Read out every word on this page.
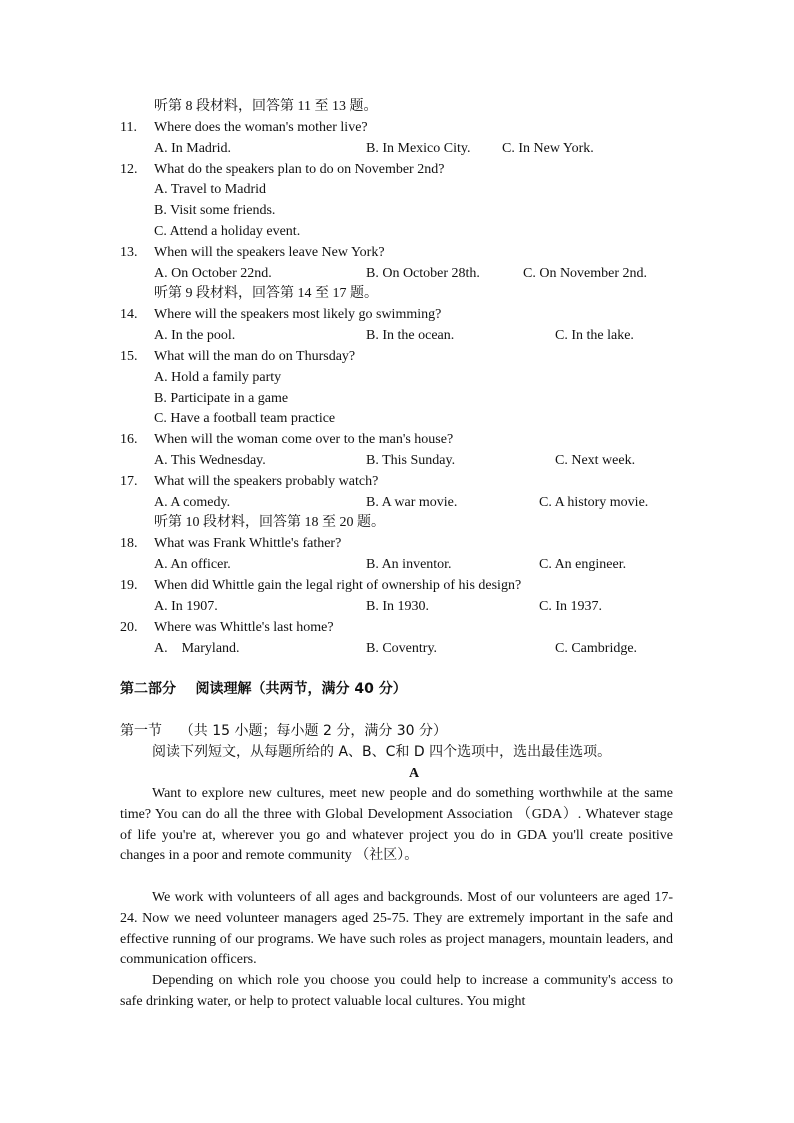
听第 8 段材料，回答第 11 至 13 题。
11. Where does the woman's mother live?
A. In Madrid.	B. In Mexico City. C. In New York.
12. What do the speakers plan to do on November 2nd?
A. Travel to Madrid
B. Visit some friends.
C. Attend a holiday event.
13. When will the speakers leave New York?
A. On October 22nd.	B. On October 28th.	C. On November 2nd.
听第 9 段材料，回答第 14 至 17 题。
14. Where will the speakers most likely go swimming?
A. In the pool.	B. In the ocean.	C. In the lake.
15. What will the man do on Thursday?
A. Hold a family party
B. Participate in a game
C. Have a football team practice
16. When will the woman come over to the man's house?
A. This Wednesday.	B. This Sunday.	C. Next week.
17. What will the speakers probably watch?
A. A comedy.	B. A war movie.	C. A history movie.
听第 10 段材料，回答第 18 至 20 题。
18. What was Frank Whittle's father?
A. An officer.	B. An inventor.	C. An engineer.
19. When did Whittle gain the legal right of ownership of his design?
A. In 1907.	B. In 1930.	C. In 1937.
20. Where was Whittle's last home?
A.    Maryland.	B. Coventry.	C. Cambridge.
第二部分    阅读理解（共两节，满分 40 分）
第一节    （共 15 小题；每小题 2 分，满分 30 分）
阅读下列短文，从每题所给的 A、B、C和 D 四个选项中，选出最佳选项。
A

Want to explore new cultures, meet new people and do something worthwhile at the same time? You can do all the three with Global Development Association （GDA）. Whatever stage of life you're at, wherever you go and whatever project you do in GDA you'll create positive changes in a poor and remote community （社区）。

We work with volunteers of all ages and backgrounds. Most of our volunteers are aged 17-24. Now we need volunteer managers aged 25-75. They are extremely important in the safe and effective running of our programs. We have such roles as project managers, mountain leaders, and communication officers.

Depending on which role you choose you could help to increase a community's access to safe drinking water, or help to protect valuable local cultures. You might
